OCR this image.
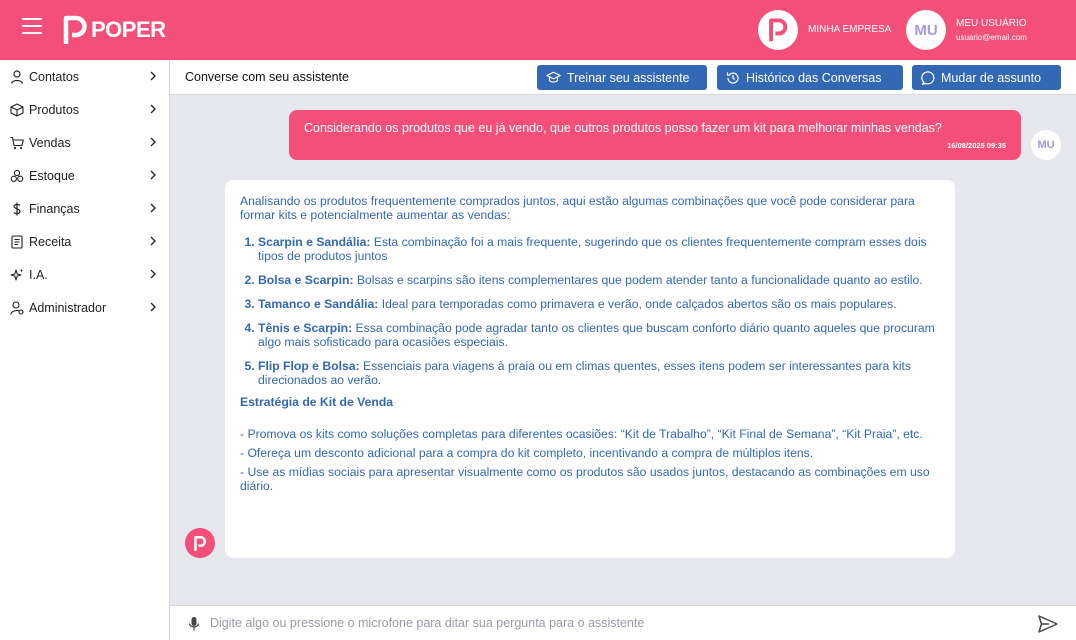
POPER	MINHA EMPRESA	MU	MEU USUÁRIO
usuario@email.com
Contatos
Produtos
Vendas
Estoque
Finanças
Receita
I.A.
Administrador
Converse com seu assistente	Treinar seu assistente	Histórico das Conversas	Mudar de assunto
Considerando os produtos que eu já vendo, que outros produtos posso fazer um kit para melhorar minhas vendas?
16/08/2025 09:35	MU

Analisando os produtos frequentemente comprados juntos, aqui estão algumas combinações que você pode considerar para formar kits e potencialmente aumentar as vendas:

1. Scarpin e Sandália: Esta combinação foi a mais frequente, sugerindo que os clientes frequentemente compram esses dois tipos de produtos juntos
2. Bolsa e Scarpin: Bolsas e scarpins são itens complementares que podem atender tanto a funcionalidade quanto ao estilo.
3. Tamanco e Sandália: Ideal para temporadas como primavera e verão, onde calçados abertos são os mais populares.
4. Tênis e Scarpin: Essa combinação pode agradar tanto os clientes que buscam conforto diário quanto aqueles que procuram algo mais sofisticado para ocasiões especiais.
5. Flip Flop e Bolsa: Essenciais para viagens à praia ou em climas quentes, esses itens podem ser interessantes para kits direcionados ao verão.

Estratégia de Kit de Venda

- Promova os kits como soluções completas para diferentes ocasiões: “Kit de Trabalho”, “Kit Final de Semana”, “Kit Praia”, etc.

- Ofereça um desconto adicional para a compra do kit completo, incentivando a compra de múltiplos itens.

- Use as mídias sociais para apresentar visualmente como os produtos são usados juntos, destacando as combinações em uso diário.

Digite algo ou pressione o microfone para ditar sua pergunta para o assistente
